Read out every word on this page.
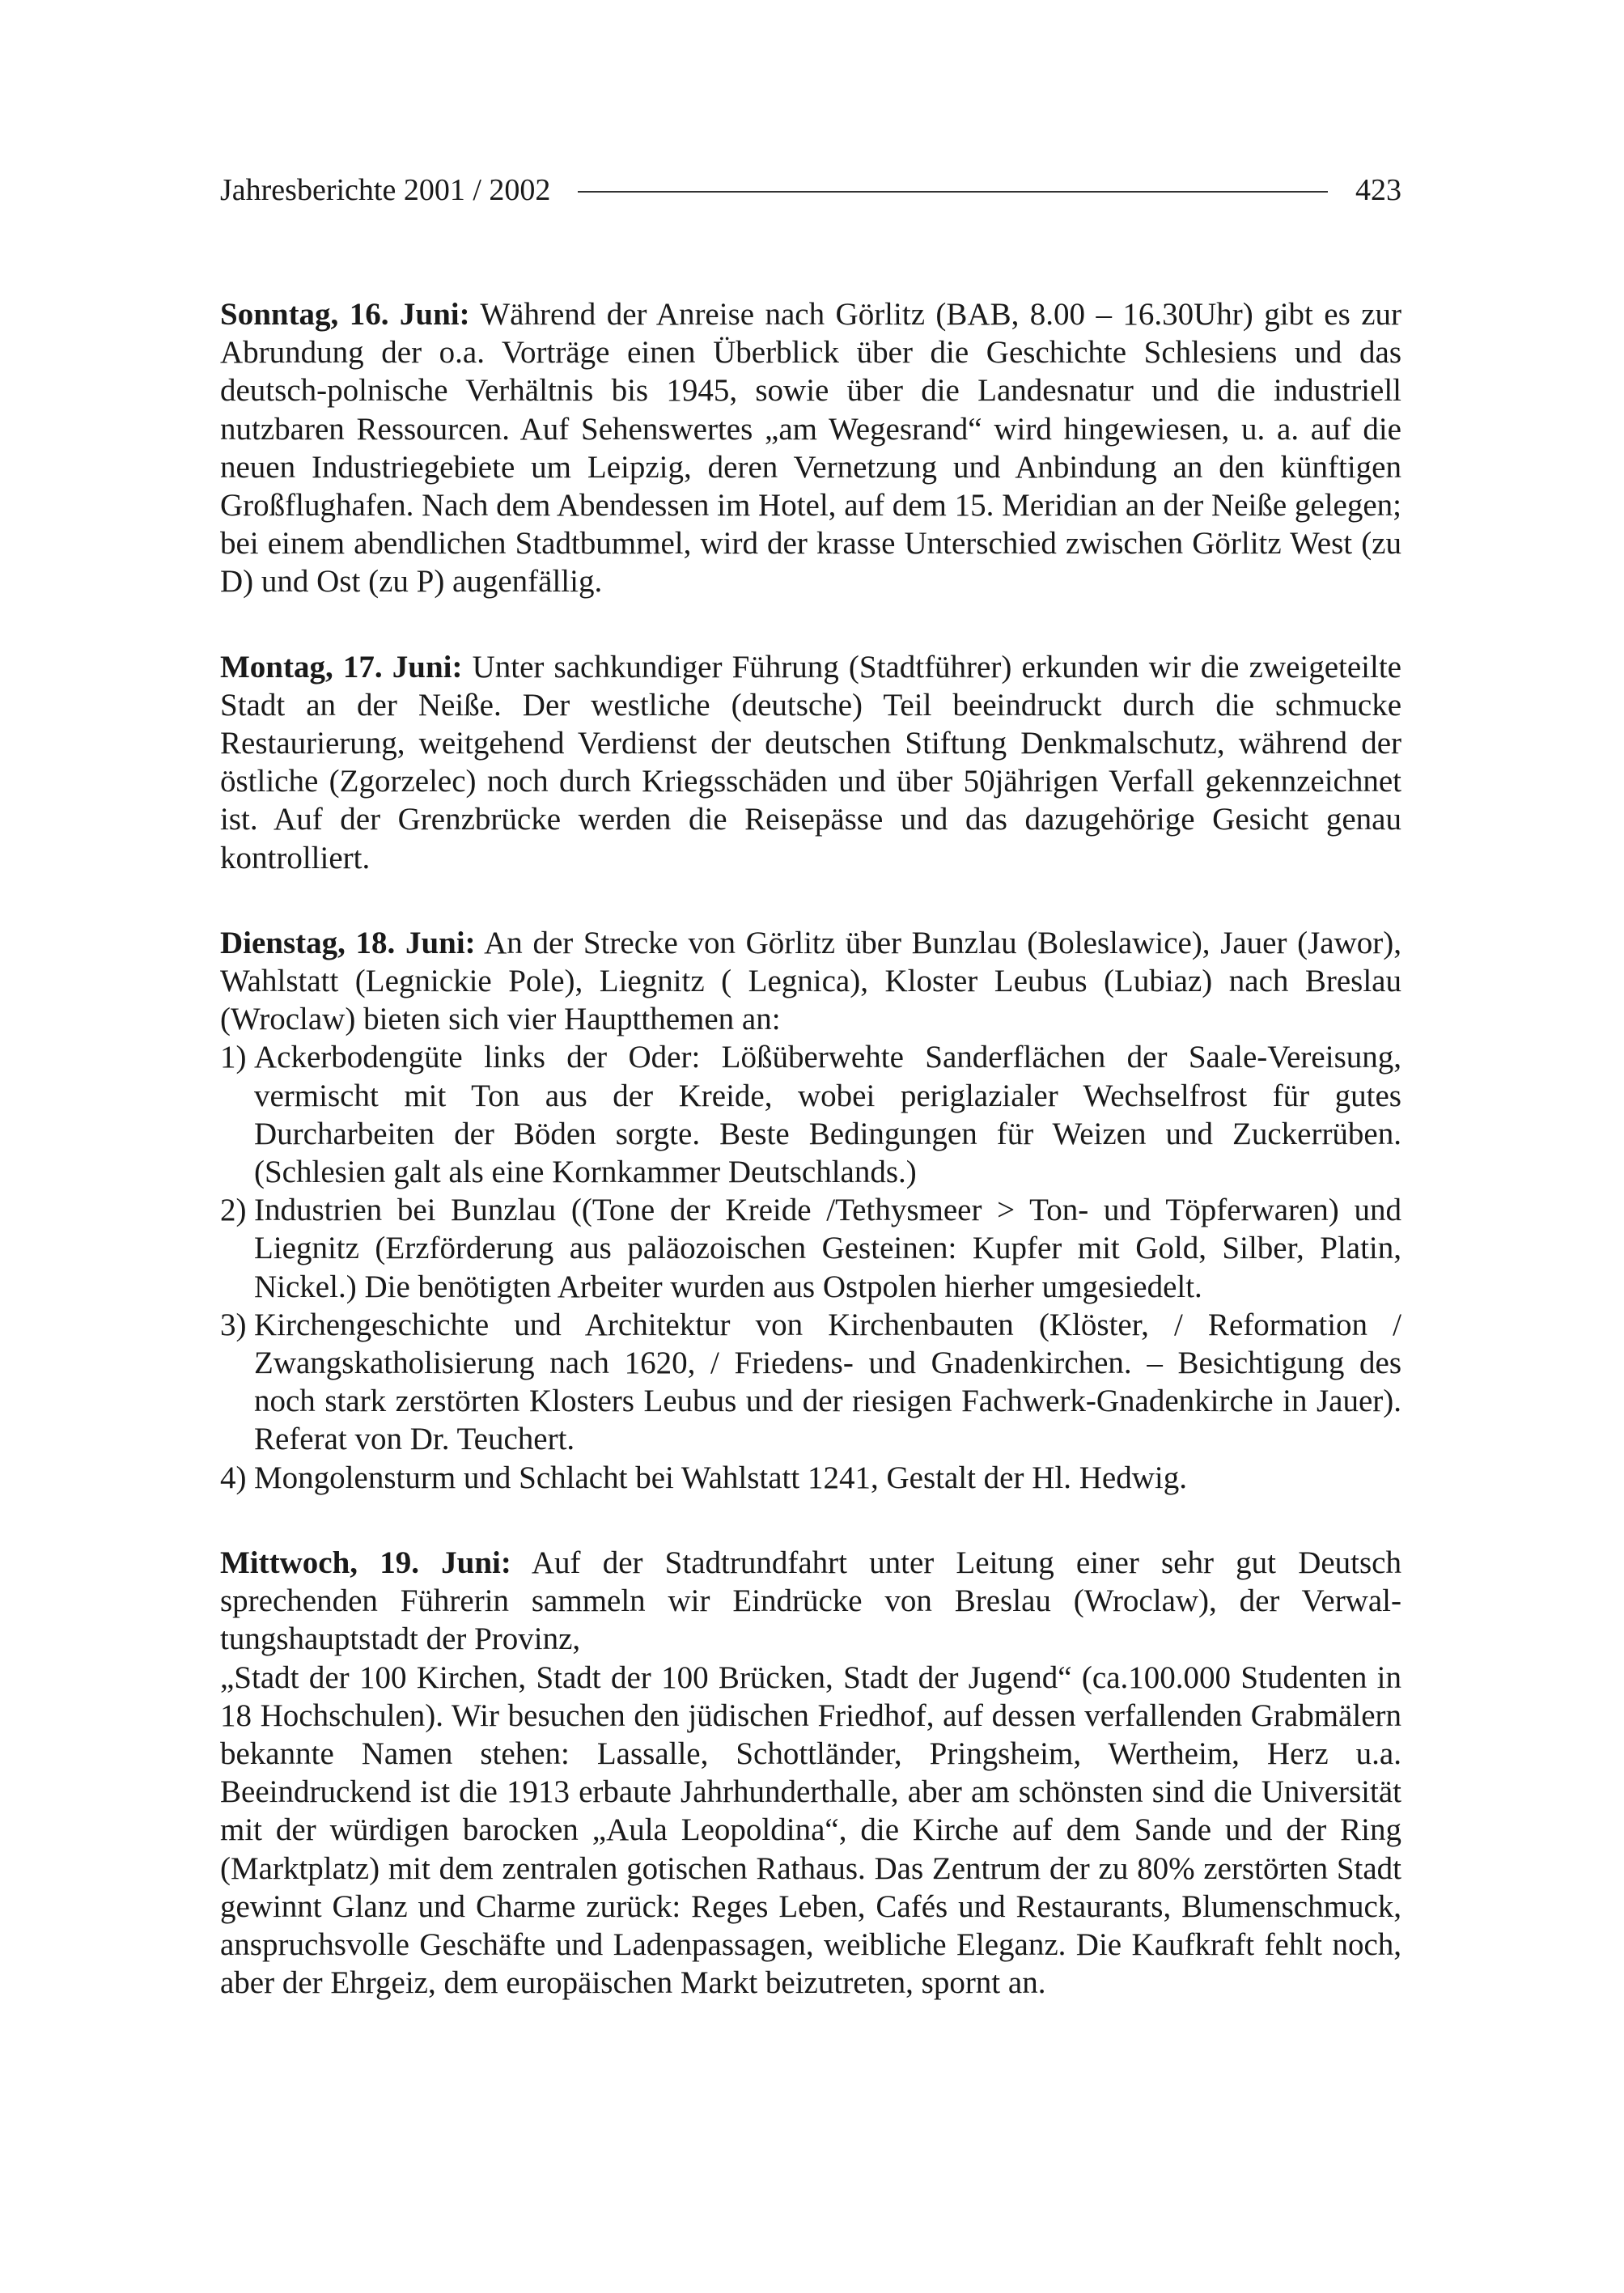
Jahresberichte 2001 / 2002	423

Sonntag, 16. Juni: Während der Anreise nach Görlitz (BAB, 8.00 – 16.30Uhr) gibt es zur Abrundung der o.a. Vorträge einen Überblick über die Geschichte Schlesiens und das deutsch-polnische Verhältnis bis 1945, sowie über die Landesnatur und die industriell nutzbaren Ressourcen. Auf Sehenswertes „am Wegesrand“ wird hingewiesen, u. a. auf die neuen Industriegebiete um Leipzig, deren Vernetzung und Anbindung an den künftigen Großflughafen. Nach dem Abendessen im Hotel, auf dem 15. Meridian an der Neiße gelegen; bei einem abendlichen Stadtbummel, wird der krasse Unterschied zwischen Görlitz West (zu D) und Ost (zu P) augenfällig.

Montag, 17. Juni: Unter sachkundiger Führung (Stadtführer) erkunden wir die zweigeteilte Stadt an der Neiße. Der westliche (deutsche) Teil beeindruckt durch die schmucke Restaurierung, weitgehend Verdienst der deutschen Stiftung Denkmalschutz, während der östliche (Zgorzelec) noch durch Kriegsschäden und über 50jährigen Verfall gekennzeichnet ist. Auf der Grenzbrücke werden die Reisepässe und das dazugehörige Gesicht genau kontrolliert.

Dienstag, 18. Juni: An der Strecke von Görlitz über Bunzlau (Boleslawice), Jauer (Jawor), Wahlstatt (Legnickie Pole), Liegnitz ( Legnica), Kloster Leubus (Lubiaz) nach Breslau (Wroclaw) bieten sich vier Hauptthemen an:

1) Ackerbodengüte links der Oder: Lößüberwehte Sanderflächen der Saale-Vereisung, vermischt mit Ton aus der Kreide, wobei periglazialer Wechselfrost für gutes Durcharbeiten der Böden sorgte. Beste Bedingungen für Weizen und Zuckerrüben. (Schlesien galt als eine Kornkammer Deutschlands.)
2) Industrien bei Bunzlau ((Tone der Kreide /Tethysmeer > Ton- und Töpferwaren) und Liegnitz (Erzförderung aus paläozoischen Gesteinen: Kupfer mit Gold, Silber, Platin, Nickel.) Die benötigten Arbeiter wurden aus Ostpolen hierher umgesiedelt.
3) Kirchengeschichte und Architektur von Kirchenbauten (Klöster, / Reformation / Zwangskatholisierung nach 1620, / Friedens- und Gnadenkirchen. – Besichtigung des noch stark zerstörten Klosters Leubus und der riesigen Fachwerk-Gnadenkirche in Jauer). Referat von Dr. Teuchert.
4) Mongolensturm und Schlacht bei Wahlstatt 1241, Gestalt der Hl. Hedwig.

Mittwoch, 19. Juni: Auf der Stadtrundfahrt unter Leitung einer sehr gut Deutsch sprechenden Führerin sammeln wir Eindrücke von Breslau (Wroclaw), der Verwaltungshauptstadt der Provinz,

„Stadt der 100 Kirchen, Stadt der 100 Brücken, Stadt der Jugend“ (ca.100.000 Studenten in 18 Hochschulen). Wir besuchen den jüdischen Friedhof, auf dessen verfallenden Grabmälern bekannte Namen stehen: Lassalle, Schottländer, Pringsheim, Wertheim, Herz u.a. Beeindruckend ist die 1913 erbaute Jahrhunderthalle, aber am schönsten sind die Universität mit der würdigen barocken „Aula Leopoldina“, die Kirche auf dem Sande und der Ring (Marktplatz) mit dem zentralen gotischen Rathaus. Das Zentrum der zu 80% zerstörten Stadt gewinnt Glanz und Charme zurück: Reges Leben, Cafés und Restaurants, Blumenschmuck, anspruchsvolle Geschäfte und Ladenpassagen, weibliche Eleganz. Die Kaufkraft fehlt noch, aber der Ehrgeiz, dem europäischen Markt beizutreten, spornt an.
